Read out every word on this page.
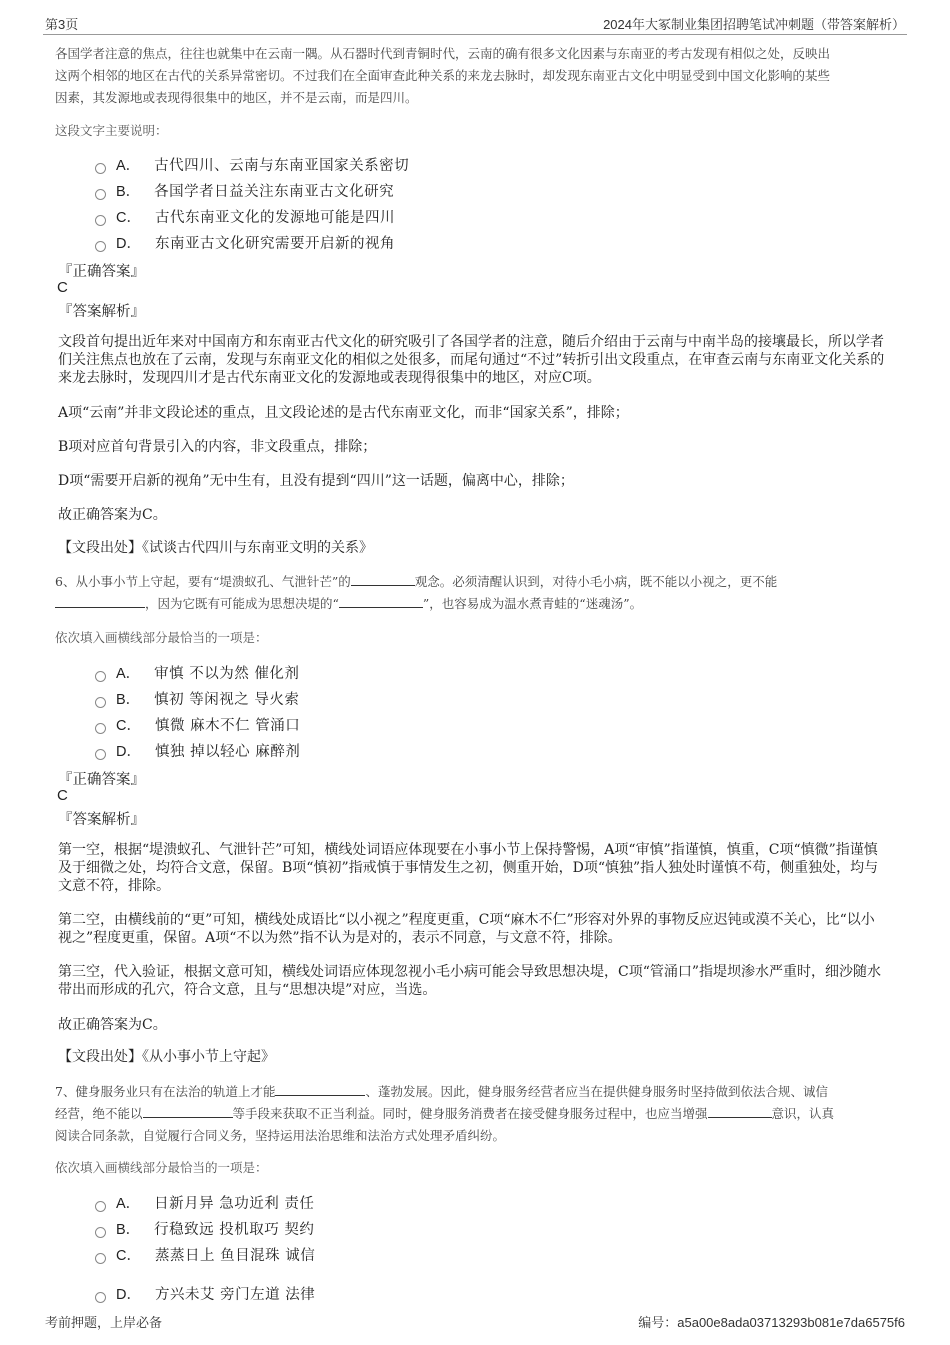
第3页	2024年大冢制业集团招聘笔试冲刺题（带答案解析）
各国学者注意的焦点，往往也就集中在云南一隅。从石器时代到青铜时代，云南的确有很多文化因素与东南亚的考古发现有相似之处，反映出
这两个相邻的地区在古代的关系异常密切。不过我们在全面审查此种关系的来龙去脉时，却发现东南亚古文化中明显受到中国文化影响的某些
因素，其发源地或表现得很集中的地区，并不是云南，而是四川。
这段文字主要说明：
A． 古代四川、云南与东南亚国家关系密切
B． 各国学者日益关注东南亚古文化研究
C． 古代东南亚文化的发源地可能是四川
D． 东南亚古文化研究需要开启新的视角
『正确答案』
C
『答案解析』
文段首句提出近年来对中国南方和东南亚古代文化的研究吸引了各国学者的注意，随后介绍由于云南与中南半岛的接壤最长，所以学者们关注焦点也放在了云南，发现与东南亚文化的相似之处很多，而尾句通过“不过”转折引出文段重点，在审查云南与东南亚文化关系的来龙去脉时，发现四川才是古代东南亚文化的发源地或表现得很集中的地区，对应C项。
A项“云南”并非文段论述的重点，且文段论述的是古代东南亚文化，而非“国家关系”，排除；
B项对应首句背景引入的内容，非文段重点，排除；
D项“需要开启新的视角”无中生有，且没有提到“四川”这一话题，偏离中心，排除；
故正确答案为C。
【文段出处】《试谈古代四川与东南亚文明的关系》
6、从小事小节上守起，要有“堤溃蚁孔、气泄针芒”的	观念。必须清醒认识到，对待小毛小病，既不能以小视之，更不能
，因为它既有可能成为思想决堤的“	”，也容易成为温水煮青蛙的“迷魂汤”。
依次填入画横线部分最恰当的一项是：
A． 审慎 不以为然 催化剂
B． 慎初 等闲视之 导火索
C． 慎微 麻木不仁 管涌口
D． 慎独 掉以轻心 麻醉剂
『正确答案』
C
『答案解析』
第一空，根据“堤溃蚁孔、气泄针芒”可知，横线处词语应体现要在小事小节上保持警惕，A项“审慎”指谨慎，慎重，C项“慎微”指谨慎及于细微之处，均符合文意，保留。B项“慎初”指戒慎于事情发生之初，侧重开始，D项“慎独”指人独处时谨慎不苟，侧重独处，均与文意不符，排除。
第二空，由横线前的“更”可知，横线处成语比“以小视之”程度更重，C项“麻木不仁”形容对外界的事物反应迟钝或漠不关心，比“以小视之”程度更重，保留。A项“不以为然”指不认为是对的，表示不同意，与文意不符，排除。
第三空，代入验证，根据文意可知，横线处词语应体现忽视小毛小病可能会导致思想决堤，C项“管涌口”指堤坝渗水严重时，细沙随水带出而形成的孔穴，符合文意，且与“思想决堤”对应，当选。
故正确答案为C。
【文段出处】《从小事小节上守起》
7、健身服务业只有在法治的轨道上才能	、蓬勃发展。因此，健身服务经营者应当在提供健身服务时坚持做到依法合规、诚信
经营，绝不能以	等手段来获取不正当利益。同时，健身服务消费者在接受健身服务过程中，也应当增强	意识，认真
阅读合同条款，自觉履行合同义务，坚持运用法治思维和法治方式处理矛盾纠纷。
依次填入画横线部分最恰当的一项是：
A． 日新月异 急功近利 责任
B． 行稳致远 投机取巧 契约
C． 蒸蒸日上 鱼目混珠 诚信
D． 方兴未艾 旁门左道 法律
考前押题，上岸必备	编号：a5a00e8ada03713293b081e7da6575f6
